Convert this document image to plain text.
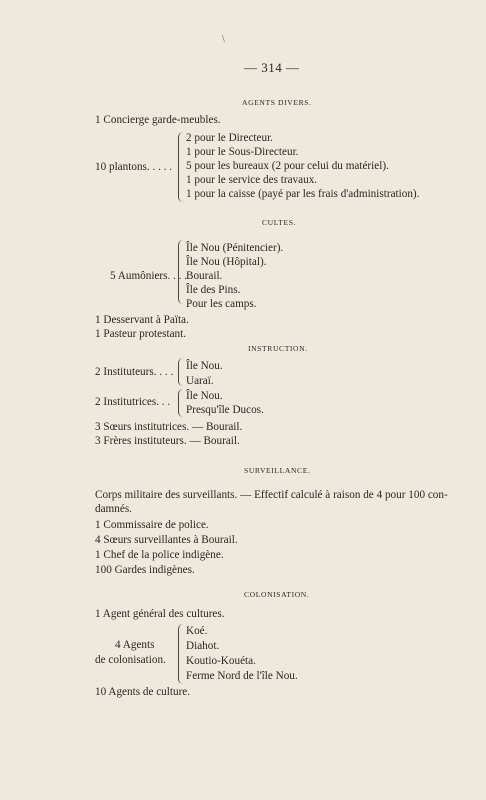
\
— 314 —
AGENTS DIVERS.
1 Concierge garde-meubles.
10 plantons. . . . .
2 pour le Directeur.
1 pour le Sous-Directeur.
5 pour les bureaux (2 pour celui du matériel).
1 pour le service des travaux.
1 pour la caisse (payé par les frais d'administration).
CULTES.
5 Aumôniers. . . .
Île Nou (Pénitencier).
Île Nou (Hôpital).
Bourail.
Île des Pins.
Pour les camps.
1 Desservant à Païta.
1 Pasteur protestant.
INSTRUCTION.
2 Instituteurs. . . . Île Nou.
Uaraï.
2 Institutrices. . . Île Nou.
Presqu'île Ducos.
3 Sœurs institutrices. — Bourail.
3 Frères instituteurs. — Bourail.
SURVEILLANCE.
Corps militaire des surveillants. — Effectif calculé à raison de 4 pour 100 con-
damnés.
1 Commissaire de police.
4 Sœurs surveillantes à Bourail.
1 Chef de la police indigène.
100 Gardes indigènes.
COLONISATION.
1 Agent général des cultures.
4 Agents
de colonisation.
Koé.
Diahot.
Koutio-Kouéta.
Ferme Nord de l'île Nou.
10 Agents de culture.
